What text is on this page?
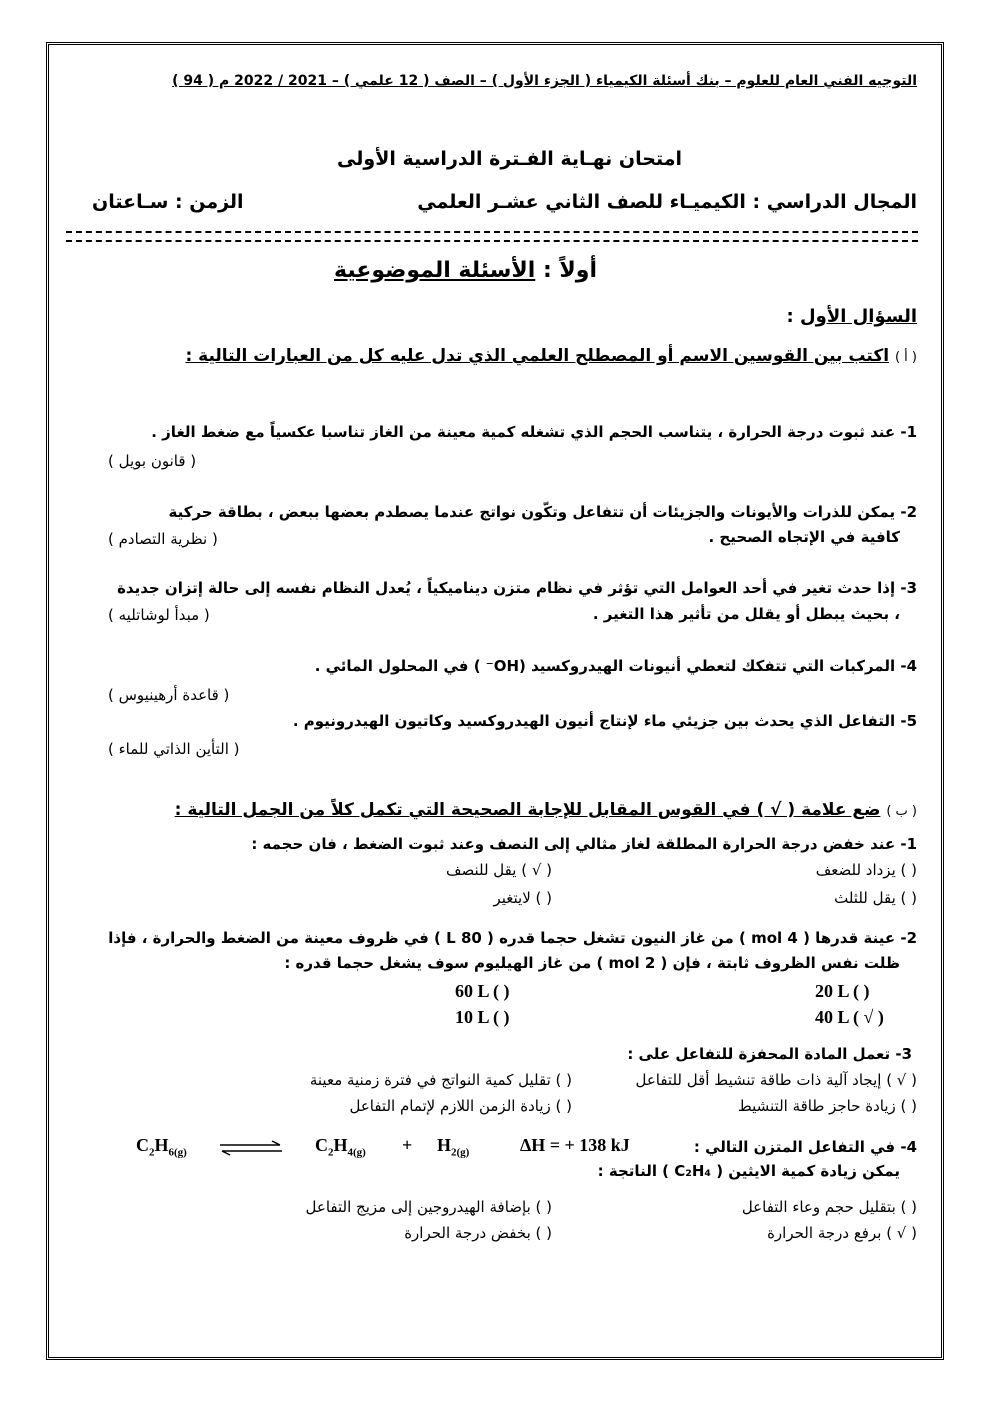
التوجيه الفني العام للعلوم – بنك أسئلة الكيمياء ( الجزء الأول ) – الصف ( 12 علمي ) – 2021 / 2022 م ( 94 )
امتحان نهـاية الفـترة الدراسية الأولى
المجال الدراسي : الكيميـاء للصف الثاني عشـر العلمي
الزمن : سـاعتان
أولاً : الأسئلة الموضوعية
السؤال الأول :
( أ ) اكتب بين القوسين الاسم أو المصطلح العلمي الذي تدل عليه كل من العبارات التالية :
1- عند ثبوت درجة الحرارة ، يتناسب الحجم الذي تشغله كمية معينة من الغاز تناسبا عكسياً مع ضغط الغاز .
( قانون بويل )
2- يمكن للذرات والأيونات والجزيئات أن تتفاعل وتكّون نواتج عندما يصطدم بعضها ببعض ، بطاقة حركية
كافية في الإتجاه الصحيح .
( نظرية التصادم )
3- إذا حدث تغير في أحد العوامل التي تؤثر في نظام متزن ديناميكياً ، يُعدل النظام نفسه إلى حالة إتزان جديدة
، بحيث يبطل أو يقلل من تأثير هذا التغير .
( مبدأ لوشاتليه )
4- المركبات التي تتفكك لتعطي أنيونات الهيدروكسيد (OH⁻ ) في المحلول المائي .
( قاعدة أرهينيوس )
5- التفاعل الذي يحدث بين جزيئي ماء لإنتاج أنيون الهيدروكسيد وكاتيون الهيدرونيوم .
( التأين الذاتي للماء )
( ب ) ضع علامة ( √ ) في القوس المقابل للإجابة الصحيحة التي تكمل كلاً من الجمل التالية :
1- عند خفض درجة الحرارة المطلقة لغاز مثالي إلى النصف وعند ثبوت الضغط ، فان حجمه :
( ) يزداد للضعف
( √ ) يقل للنصف
( ) يقل للثلث
( ) لايتغير
2- عينة قدرها ( 4 mol ) من غاز النيون تشغل حجما قدره ( 80 L ) في ظروف معينة من الضغط والحرارة ، فإذا
ظلت نفس الظروف ثابتة ، فإن ( 2 mol ) من غاز الهيليوم سوف يشغل حجما قدره :
20 L ( )
60 L ( )
40 L ( √ )
10 L ( )
3- تعمل المادة المحفزة للتفاعل على :
( √ ) إيجاد آلية ذات طاقة تنشيط أقل للتفاعل
( ) تقليل كمية النواتج في فترة زمنية معينة
( ) زيادة حاجز طاقة التنشيط
( ) زيادة الزمن اللازم لإتمام التفاعل
4- في التفاعل المتزن التالي :
ΔH = + 138 kJ
$C_2H_{6(g)}$	$C_2H_{4(g)} + H_{2(g)}$
يمكن زيادة كمية الايثين ( C₂H₄ ) الناتجة :
( ) بتقليل حجم وعاء التفاعل
( ) بإضافة الهيدروجين إلى مزيج التفاعل
( √ ) برفع درجة الحرارة
( ) بخفض درجة الحرارة
